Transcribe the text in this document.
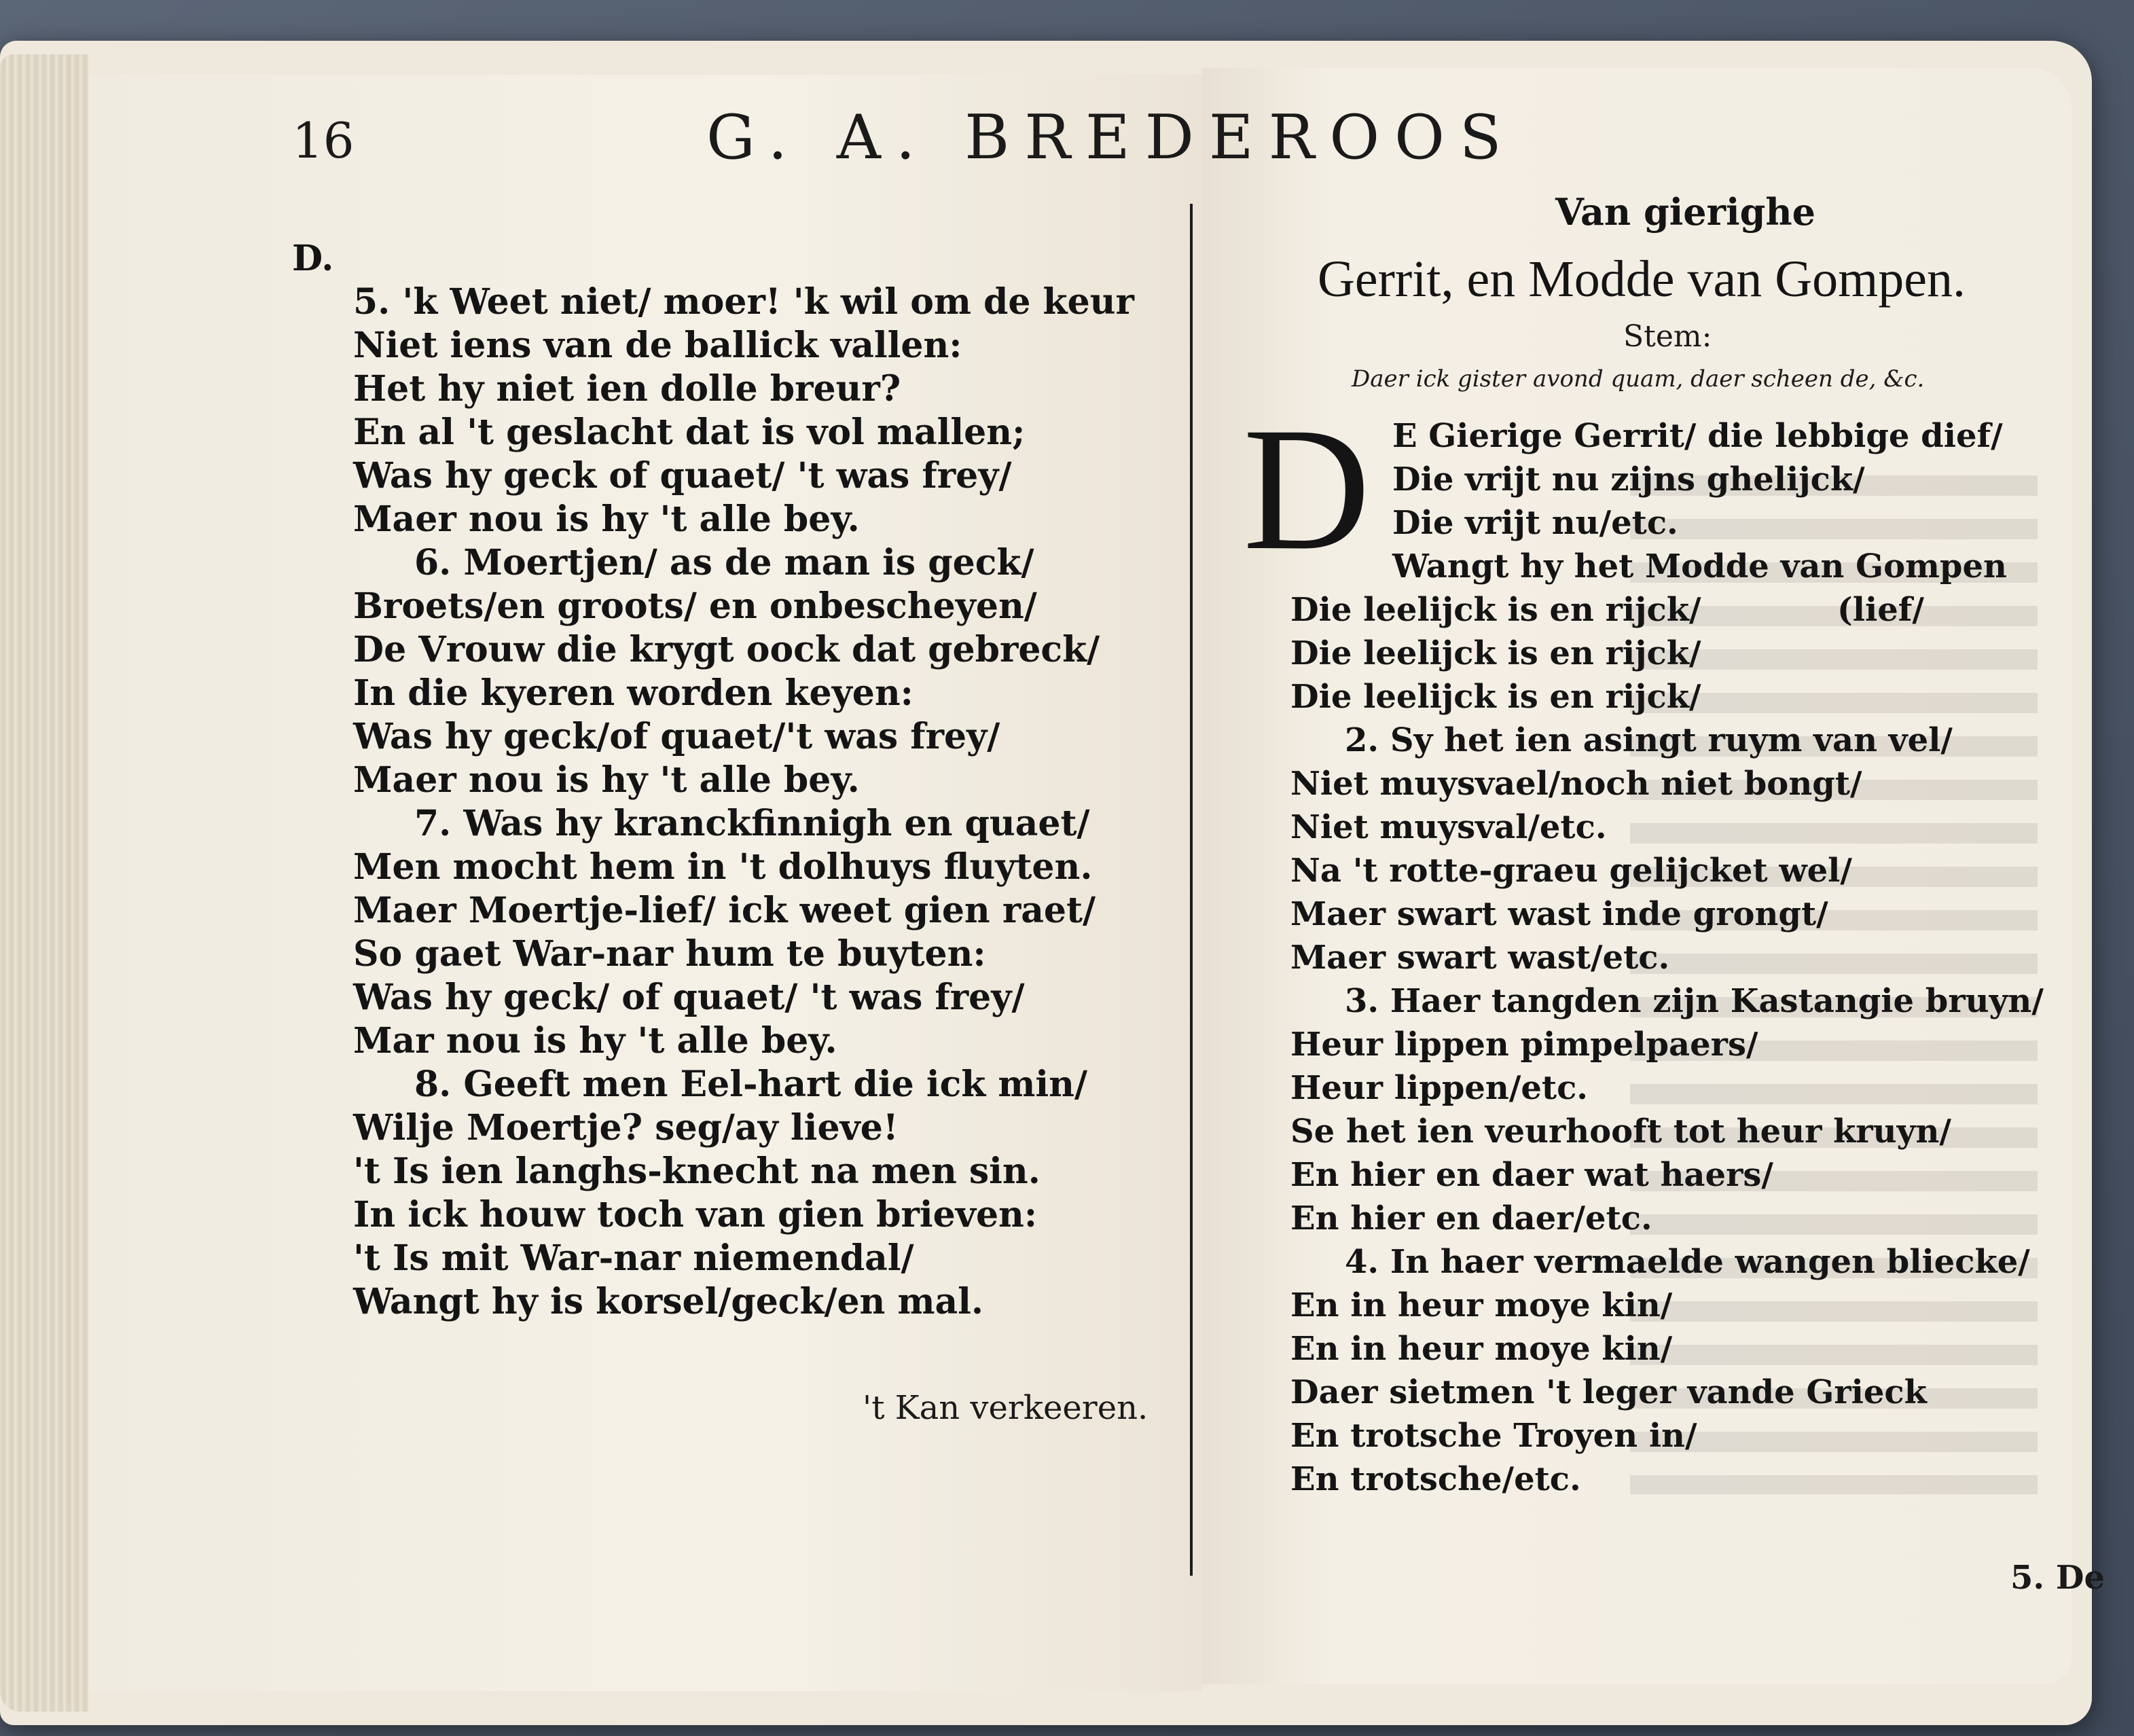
16	G. A. BREDEROOS

D.

5. 'k Weet niet/ moer! 'k wil om de keur
Niet iens van de ballick vallen:
Het hy niet ien dolle breur?
En al 't geslacht dat is vol mallen;
Was hy geck of quaet/ 't was frey/
Maer nou is hy 't alle bey.
6. Moertjen/ as de man is geck/
Broets/en groots/ en onbescheyen/
De Vrouw die krygt oock dat gebreck/
In die kyeren worden keyen:
Was hy geck/of quaet/'t was frey/
Maer nou is hy 't alle bey.
7. Was hy kranckfinnigh en quaet/
Men mocht hem in 't dolhuys fluyten.
Maer Moertje-lief/ ick weet gien raet/
So gaet War-nar hum te buyten:
Was hy geck/ of quaet/ 't was frey/
Mar nou is hy 't alle bey.
8. Geeft men Eel-hart die ick min/
Wilje Moertje? seg/ay lieve!
't Is ien langhs-knecht na men sin.
In ick houw toch van gien brieven:
't Is mit War-nar niemendal/
Wangt hy is korsel/geck/en mal.
't Kan verkeeren.
Van gierighe
Gerrit, en Modde van Gompen.
Stem:
Daer ick gister avond quam, daer scheen de, &c.
D E Gierige Gerrit/ die lebbige dief/
Die vrijt nu zijns ghelijck/
Die vrijt nu/etc.
Wangt hy het Modde van Gompen
Die leelijck is en rijck/            (lief/
Die leelijck is en rijck/
Die leelijck is en rijck/
2. Sy het ien asingt ruym van vel/
Niet muysvael/noch niet bongt/
Niet muysval/etc.
Na 't rotte-graeu gelijcket wel/
Maer swart wast inde grongt/
Maer swart wast/etc.
3. Haer tangden zijn Kastangie bruyn/
Heur lippen pimpelpaers/
Heur lippen/etc.
Se het ien veurhooft tot heur kruyn/
En hier en daer wat haers/
En hier en daer/etc.
4. In haer vermaelde wangen bliecke/
En in heur moye kin/
En in heur moye kin/
Daer sietmen 't leger vande Grieck
En trotsche Troyen in/
En trotsche/etc.
5. De
